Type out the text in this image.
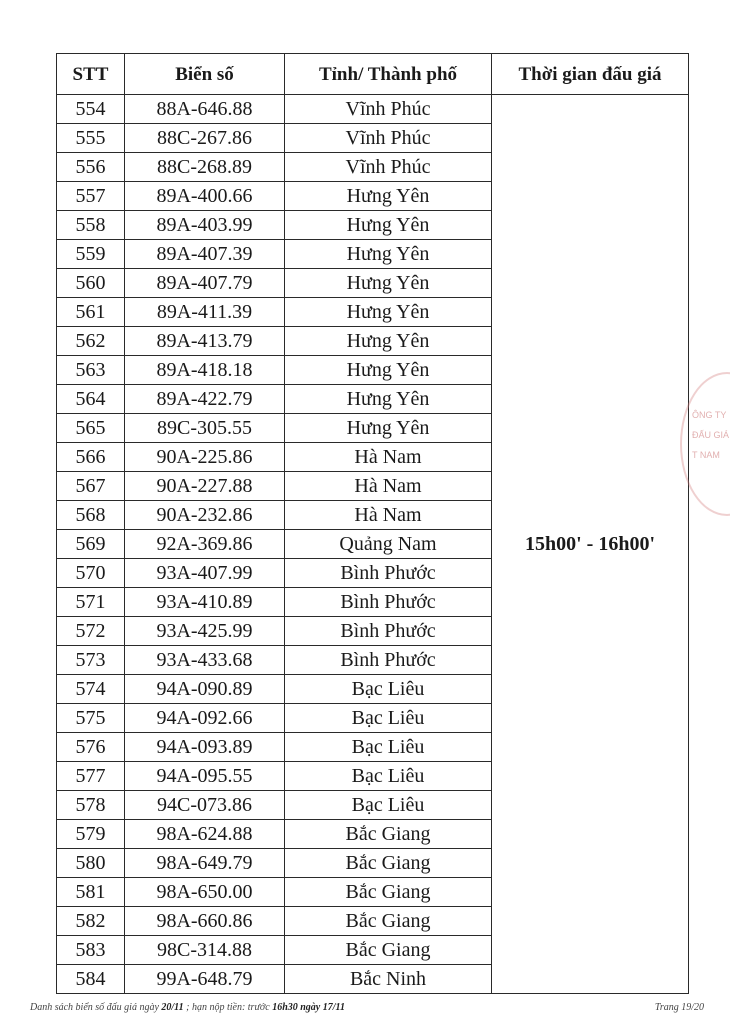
STT	Biển số	Tỉnh/ Thành phố	Thời gian đấu giá
554	88A-646.88	Vĩnh Phúc	15h00' - 16h00'
555	88C-267.86	Vĩnh Phúc	
556	88C-268.89	Vĩnh Phúc	
557	89A-400.66	Hưng Yên	
558	89A-403.99	Hưng Yên	
559	89A-407.39	Hưng Yên	
560	89A-407.79	Hưng Yên	
561	89A-411.39	Hưng Yên	
562	89A-413.79	Hưng Yên	
563	89A-418.18	Hưng Yên	
564	89A-422.79	Hưng Yên	
565	89C-305.55	Hưng Yên	
566	90A-225.86	Hà Nam	
567	90A-227.88	Hà Nam	
568	90A-232.86	Hà Nam	
569	92A-369.86	Quảng Nam	
570	93A-407.99	Bình Phước	
571	93A-410.89	Bình Phước	
572	93A-425.99	Bình Phước	
573	93A-433.68	Bình Phước	
574	94A-090.89	Bạc Liêu	
575	94A-092.66	Bạc Liêu	
576	94A-093.89	Bạc Liêu	
577	94A-095.55	Bạc Liêu	
578	94C-073.86	Bạc Liêu	
579	98A-624.88	Bắc Giang	
580	98A-649.79	Bắc Giang	
581	98A-650.00	Bắc Giang	
582	98A-660.86	Bắc Giang	
583	98C-314.88	Bắc Giang	
584	99A-648.79	Bắc Ninh	
ÔNG TY
ĐẤU GIÁ
T NAM
Danh sách biển số đấu giá ngày 20/11 ; hạn nộp tiền: trước 16h30 ngày 17/11	Trang 19/20
